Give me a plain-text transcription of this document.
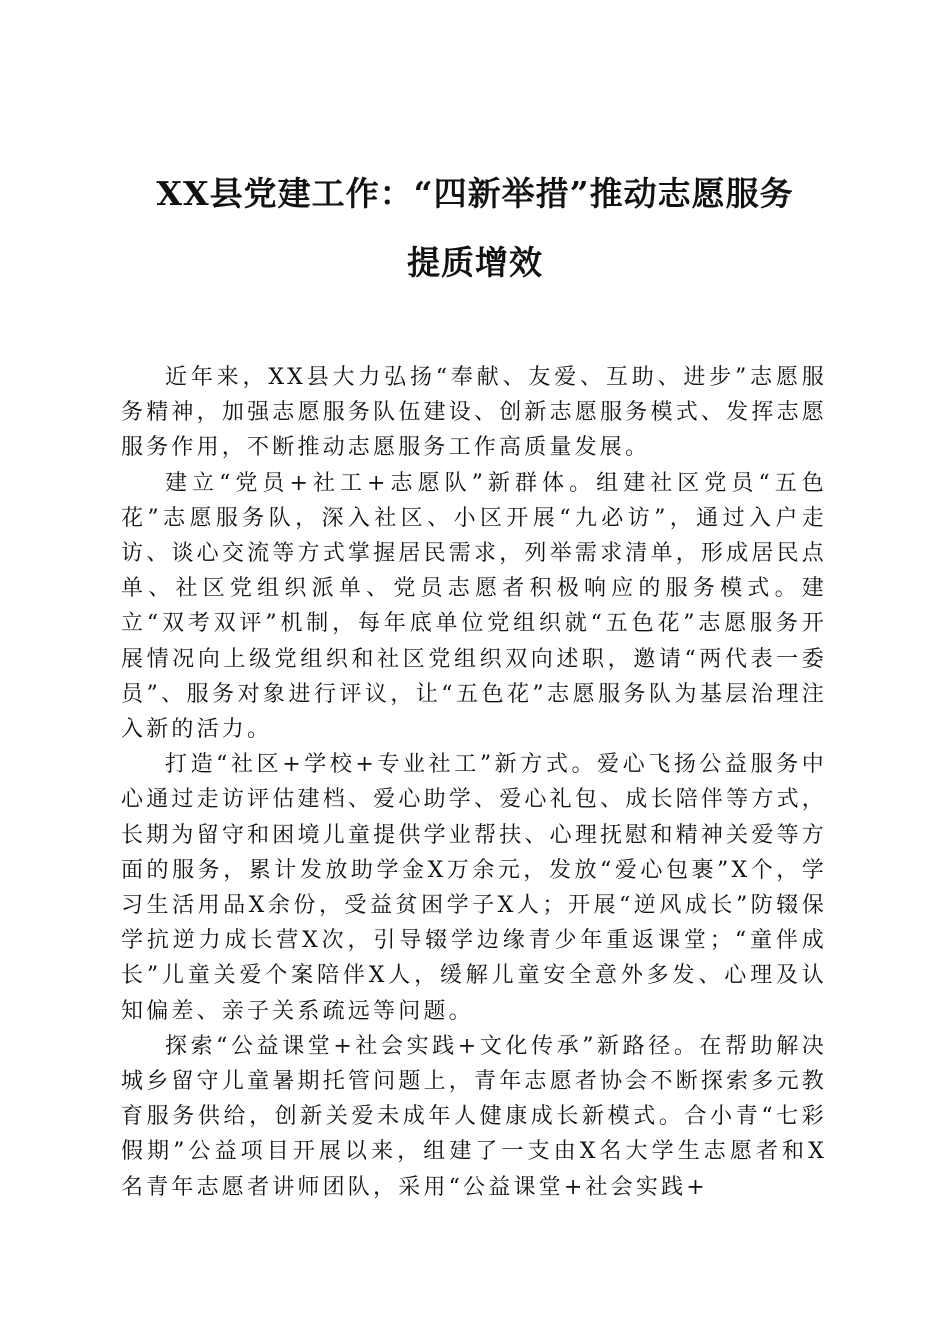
XX县党建工作：“四新举措”推动志愿服务
提质增效

近年来，XX县大力弘扬“奉献、友爱、互助、进步”志愿服务精神，加强志愿服务队伍建设、创新志愿服务模式、发挥志愿服务作用，不断推动志愿服务工作高质量发展。

建立“党员+社工+志愿队”新群体。组建社区党员“五色花”志愿服务队，深入社区、小区开展“九必访”，通过入户走访、谈心交流等方式掌握居民需求，列举需求清单，形成居民点单、社区党组织派单、党员志愿者积极响应的服务模式。建立“双考双评”机制，每年底单位党组织就“五色花”志愿服务开展情况向上级党组织和社区党组织双向述职，邀请“两代表一委员”、服务对象进行评议，让“五色花”志愿服务队为基层治理注入新的活力。

打造“社区+学校+专业社工”新方式。爱心飞扬公益服务中心通过走访评估建档、爱心助学、爱心礼包、成长陪伴等方式，长期为留守和困境儿童提供学业帮扶、心理抚慰和精神关爱等方面的服务，累计发放助学金X万余元，发放“爱心包裹”X个，学习生活用品X余份，受益贫困学子X人；开展“逆风成长”防辍保学抗逆力成长营X次，引导辍学边缘青少年重返课堂；“童伴成长”儿童关爱个案陪伴X人，缓解儿童安全意外多发、心理及认知偏差、亲子关系疏远等问题。

探索“公益课堂+社会实践+文化传承”新路径。在帮助解决城乡留守儿童暑期托管问题上，青年志愿者协会不断探索多元教育服务供给，创新关爱未成年人健康成长新模式。合小青“七彩假期”公益项目开展以来，组建了一支由X名大学生志愿者和X名青年志愿者讲师团队，采用“公益课堂+社会实践+
